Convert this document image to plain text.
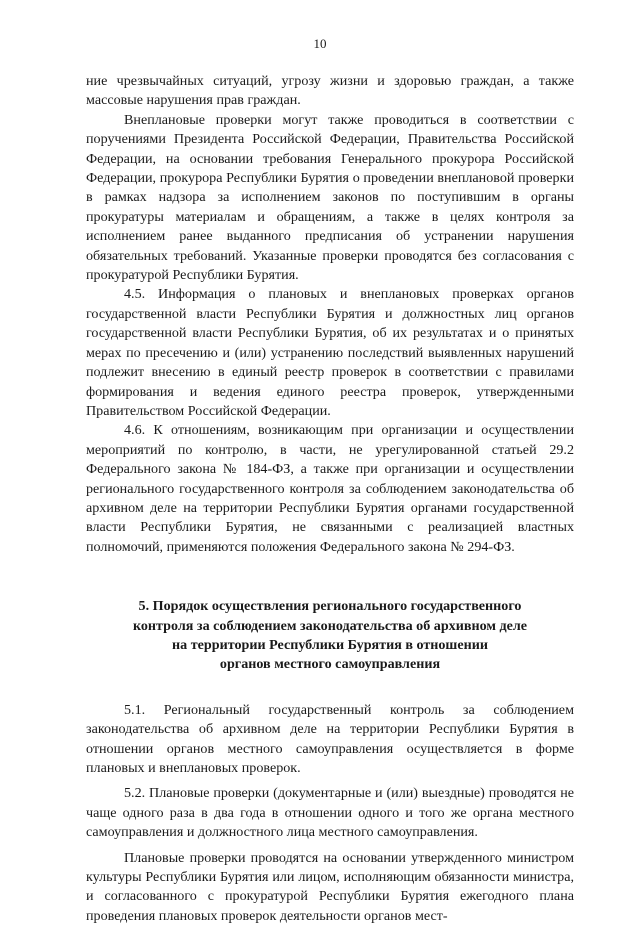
10

ние чрезвычайных ситуаций, угрозу жизни и здоровью граждан, а также массовые нарушения прав граждан.

Внеплановые проверки могут также проводиться в соответствии с поручениями Президента Российской Федерации, Правительства Российской Федерации, на основании требования Генерального прокурора Российской Федерации, прокурора Республики Бурятия о проведении внеплановой проверки в рамках надзора за исполнением законов по поступившим в органы прокуратуры материалам и обращениям, а также в целях контроля за исполнением ранее выданного предписания об устранении нарушения обязательных требований. Указанные проверки проводятся без согласования с прокуратурой Республики Бурятия.

4.5. Информация о плановых и внеплановых проверках органов государственной власти Республики Бурятия и должностных лиц органов государственной власти Республики Бурятия, об их результатах и о принятых мерах по пресечению и (или) устранению последствий выявленных нарушений подлежит внесению в единый реестр проверок в соответствии с правилами формирования и ведения единого реестра проверок, утвержденными Правительством Российской Федерации.

4.6. К отношениям, возникающим при организации и осуществлении мероприятий по контролю, в части, не урегулированной статьей 29.2 Федерального закона № 184-ФЗ, а также при организации и осуществлении регионального государственного контроля за соблюдением законодательства об архивном деле на территории Республики Бурятия органами государственной власти Республики Бурятия, не связанными с реализацией властных полномочий, применяются положения Федерального закона № 294-ФЗ.

5. Порядок осуществления регионального государственного
контроля за соблюдением законодательства об архивном деле
на территории Республики Бурятия в отношении
органов местного самоуправления

5.1. Региональный государственный контроль за соблюдением законодательства об архивном деле на территории Республики Бурятия в отношении органов местного самоуправления осуществляется в форме плановых и внеплановых проверок.

5.2. Плановые проверки (документарные и (или) выездные) проводятся не чаще одного раза в два года в отношении одного и того же органа местного самоуправления и должностного лица местного самоуправления.

Плановые проверки проводятся на основании утвержденного министром культуры Республики Бурятия или лицом, исполняющим обязанности министра, и согласованного с прокуратурой Республики Бурятия ежегодного плана проведения плановых проверок деятельности органов мест-
